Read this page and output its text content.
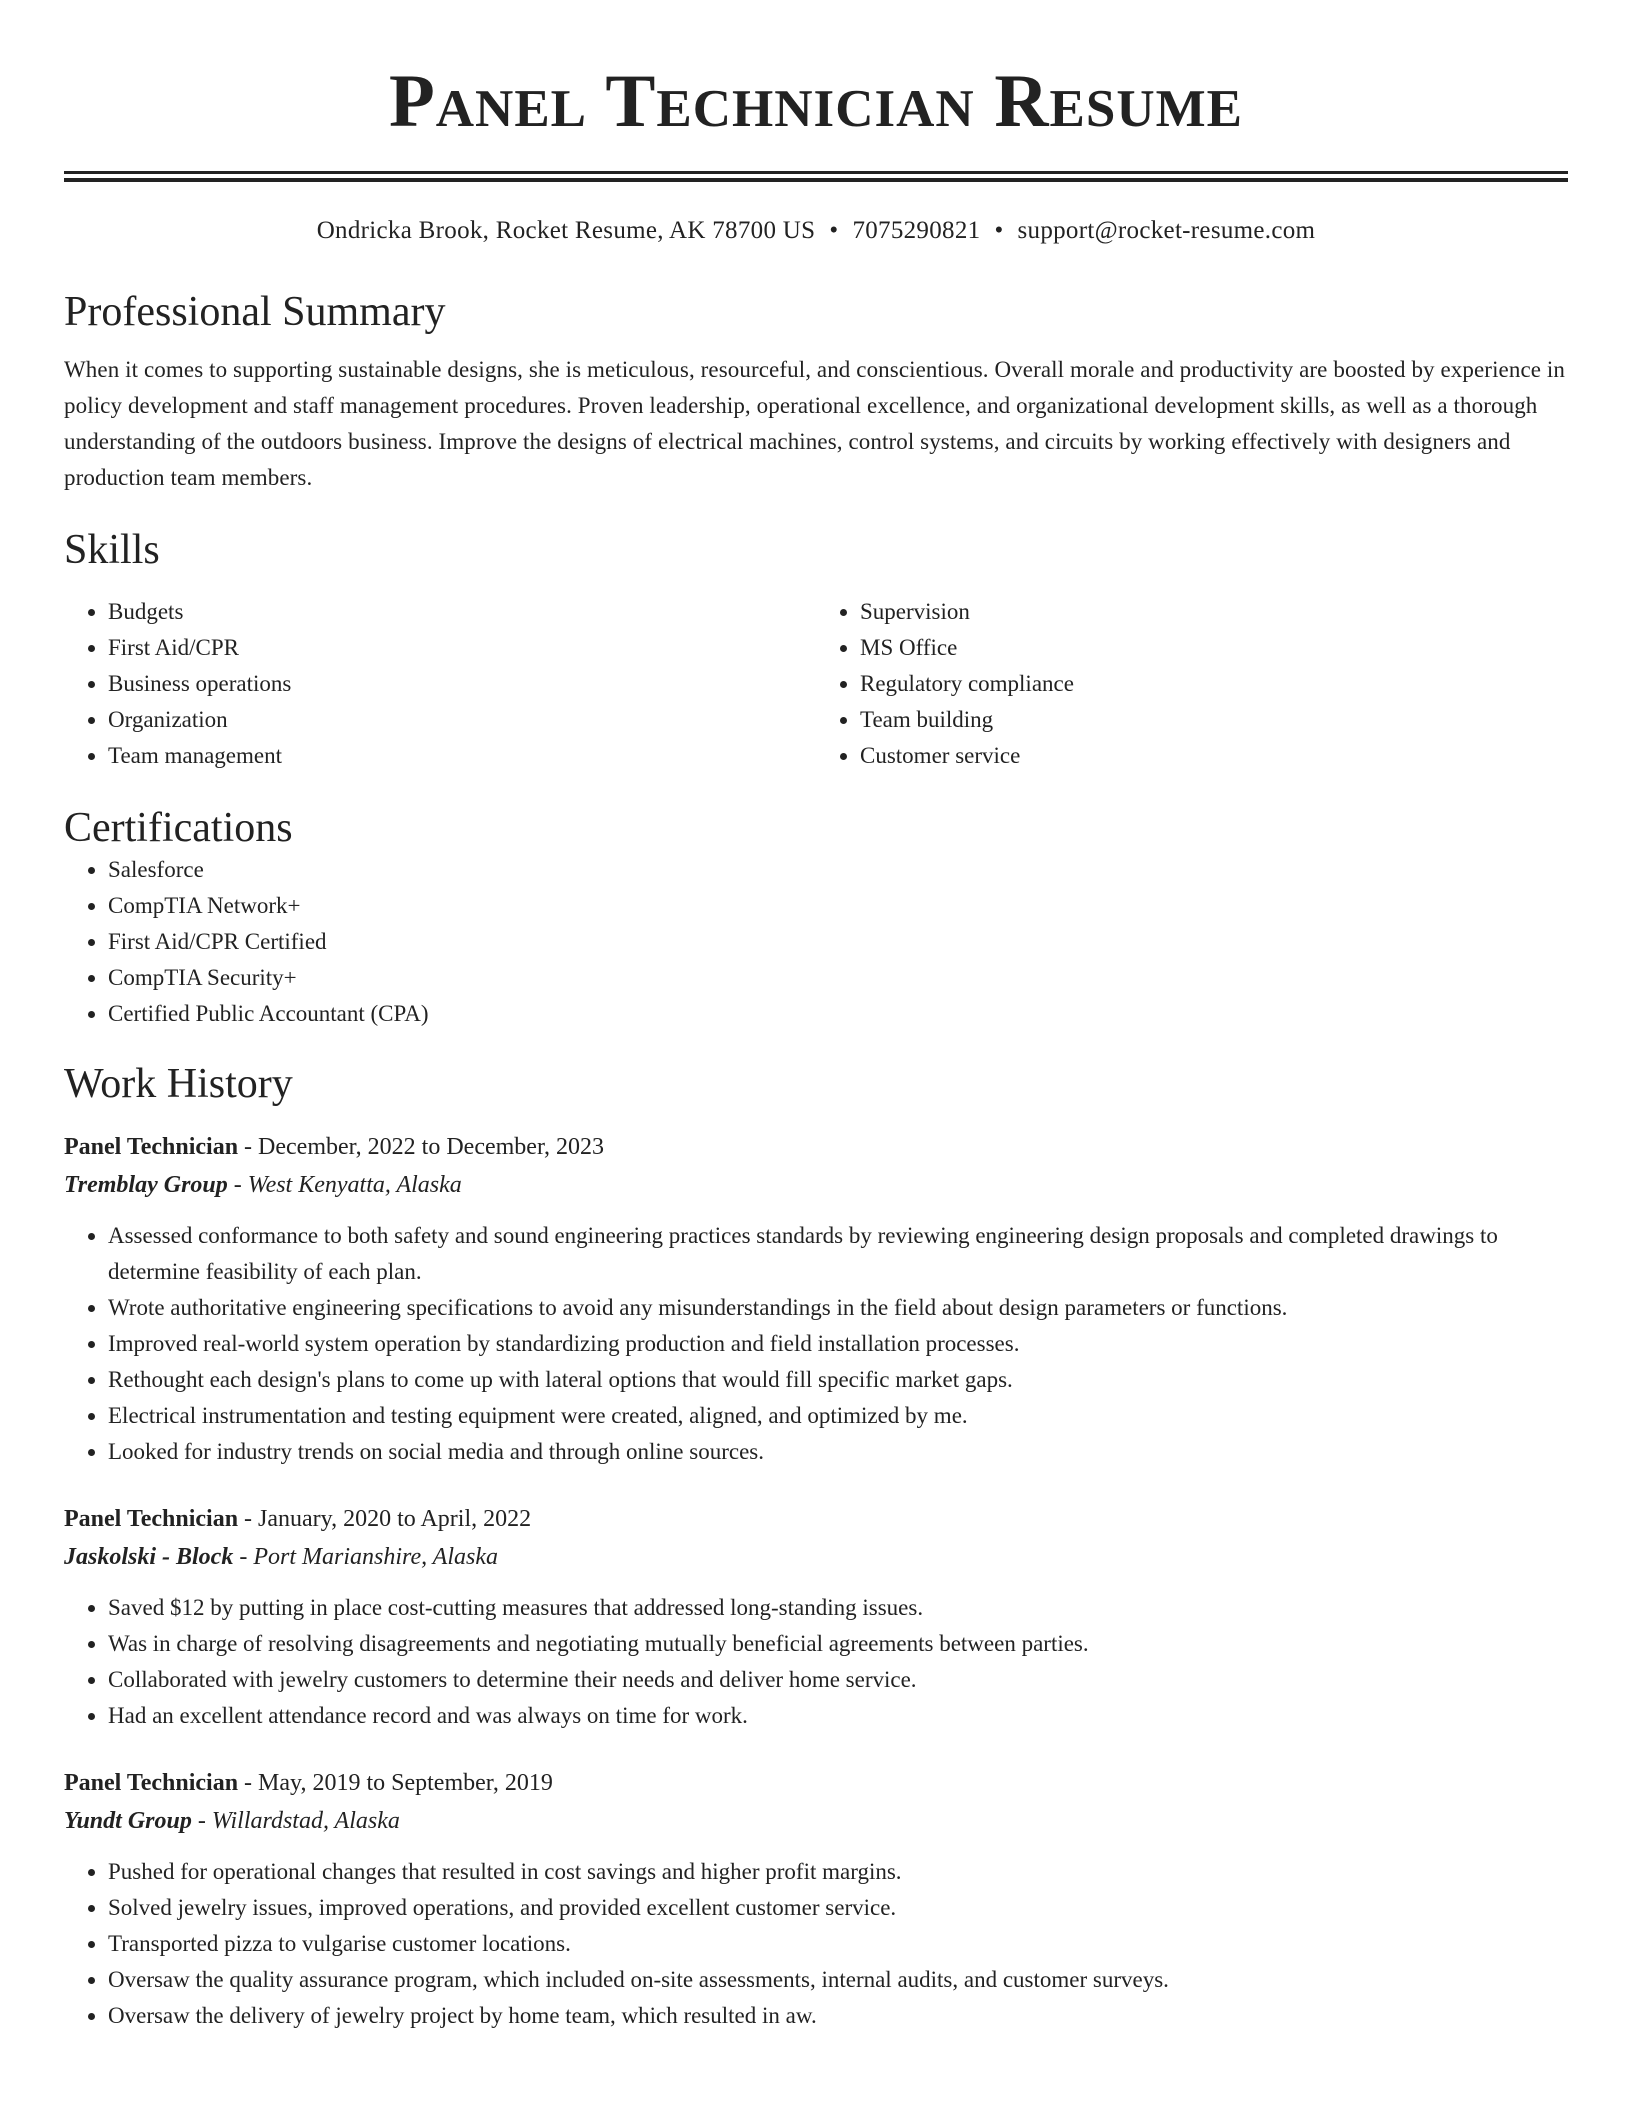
Panel Technician Resume
Ondricka Brook, Rocket Resume, AK 78700 US • 7075290821 • support@rocket-resume.com
Professional Summary
When it comes to supporting sustainable designs, she is meticulous, resourceful, and conscientious. Overall morale and productivity are boosted by experience in policy development and staff management procedures. Proven leadership, operational excellence, and organizational development skills, as well as a thorough understanding of the outdoors business. Improve the designs of electrical machines, control systems, and circuits by working effectively with designers and production team members.
Skills
• Budgets
• First Aid/CPR
• Business operations
• Organization
• Team management
• Supervision
• MS Office
• Regulatory compliance
• Team building
• Customer service
Certifications
• Salesforce
• CompTIA Network+
• First Aid/CPR Certified
• CompTIA Security+
• Certified Public Accountant (CPA)
Work History
Panel Technician - December, 2022 to December, 2023
Tremblay Group - West Kenyatta, Alaska
• Assessed conformance to both safety and sound engineering practices standards by reviewing engineering design proposals and completed drawings to determine feasibility of each plan.
• Wrote authoritative engineering specifications to avoid any misunderstandings in the field about design parameters or functions.
• Improved real-world system operation by standardizing production and field installation processes.
• Rethought each design's plans to come up with lateral options that would fill specific market gaps.
• Electrical instrumentation and testing equipment were created, aligned, and optimized by me.
• Looked for industry trends on social media and through online sources.
Panel Technician - January, 2020 to April, 2022
Jaskolski - Block - Port Marianshire, Alaska
• Saved $12 by putting in place cost-cutting measures that addressed long-standing issues.
• Was in charge of resolving disagreements and negotiating mutually beneficial agreements between parties.
• Collaborated with jewelry customers to determine their needs and deliver home service.
• Had an excellent attendance record and was always on time for work.
Panel Technician - May, 2019 to September, 2019
Yundt Group - Willardstad, Alaska
• Pushed for operational changes that resulted in cost savings and higher profit margins.
• Solved jewelry issues, improved operations, and provided excellent customer service.
• Transported pizza to vulgarise customer locations.
• Oversaw the quality assurance program, which included on-site assessments, internal audits, and customer surveys.
• Oversaw the delivery of jewelry project by home team, which resulted in aw.
